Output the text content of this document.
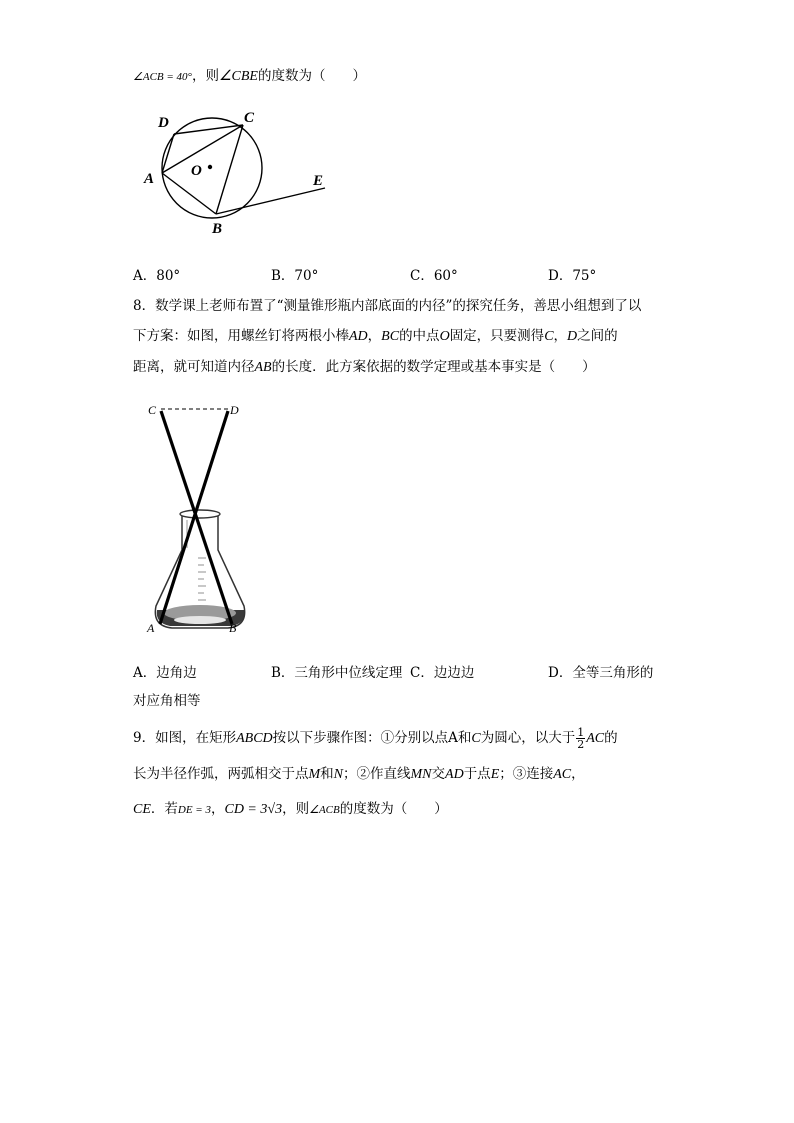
∠ACB = 40°，则∠CBE的度数为（　　）
D	C
O
A	E
B
A．80°	B．70°	C．60°	D．75°
8．数学课上老师布置了“测量锥形瓶内部底面的内径”的探究任务，善思小组想到了以
下方案：如图，用螺丝钉将两根小棒AD，BC的中点O固定，只要测得C，D之间的
距离，就可知道内径AB的长度．此方案依据的数学定理或基本事实是（　　）
C	D
A	B
A．边角边	B．三角形中位线定理 C．边边边	D．全等三角形的
对应角相等
9．如图，在矩形ABCD按以下步骤作图：①分别以点A和C为圆心，以大于 $\frac{1}{2}$ AC的
长为半径作弧，两弧相交于点M和N；②作直线MN交AD于点E；③连接AC，
CE．若DE = 3，CD = 3√3，则∠ACB的度数为（　　）
